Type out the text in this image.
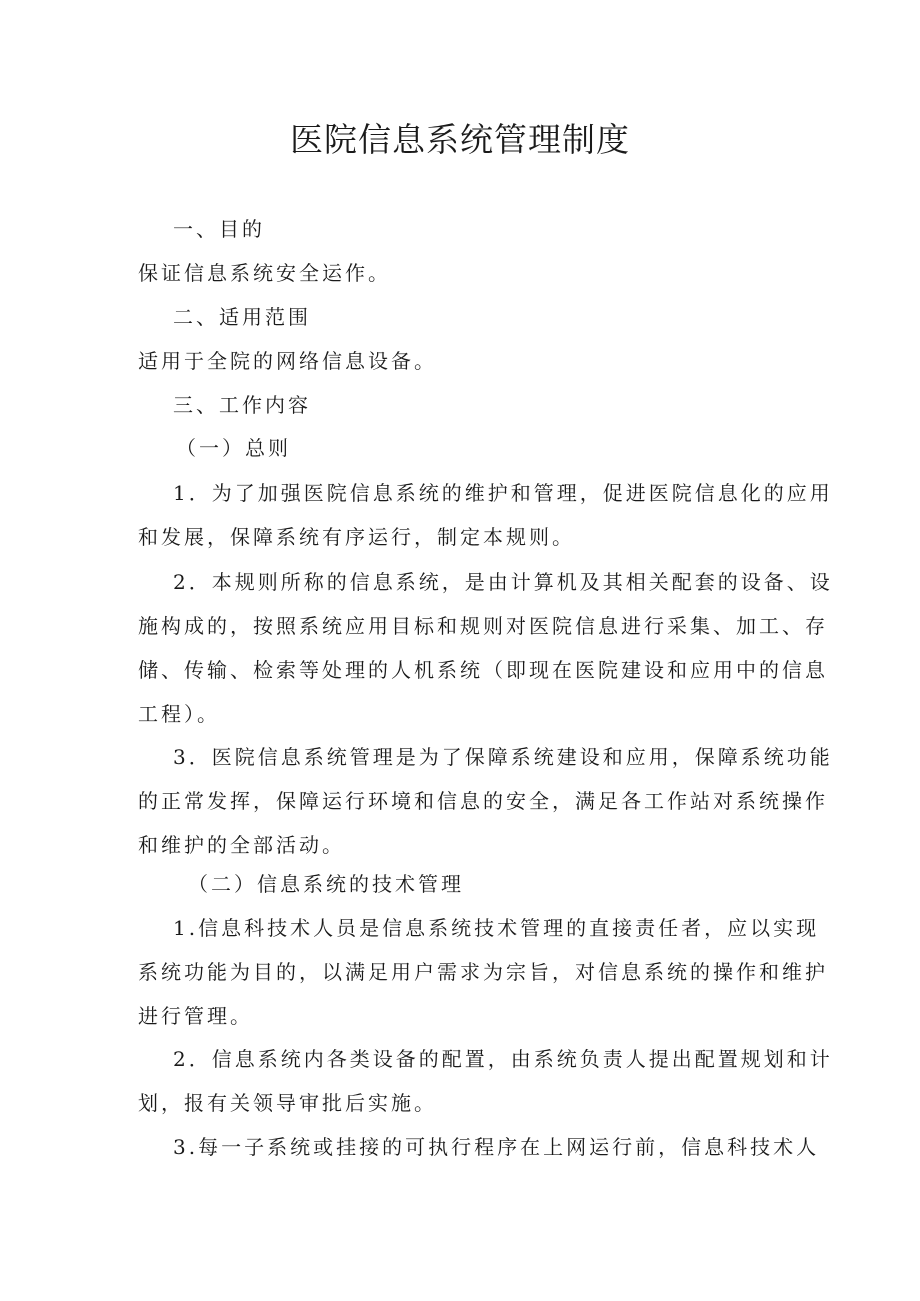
医院信息系统管理制度
一、目的
保证信息系统安全运作。
二、适用范围
适用于全院的网络信息设备。
三、工作内容
（一）总则
1．为了加强医院信息系统的维护和管理，促进医院信息化的应用
和发展，保障系统有序运行，制定本规则。
2．本规则所称的信息系统，是由计算机及其相关配套的设备、设
施构成的，按照系统应用目标和规则对医院信息进行采集、加工、存
储、传输、检索等处理的人机系统（即现在医院建设和应用中的信息
工程）。
3．医院信息系统管理是为了保障系统建设和应用，保障系统功能
的正常发挥，保障运行环境和信息的安全，满足各工作站对系统操作
和维护的全部活动。
（二）信息系统的技术管理
1.信息科技术人员是信息系统技术管理的直接责任者，应以实现
系统功能为目的，以满足用户需求为宗旨，对信息系统的操作和维护
进行管理。
2．信息系统内各类设备的配置，由系统负责人提出配置规划和计
划，报有关领导审批后实施。
3.每一子系统或挂接的可执行程序在上网运行前，信息科技术人
